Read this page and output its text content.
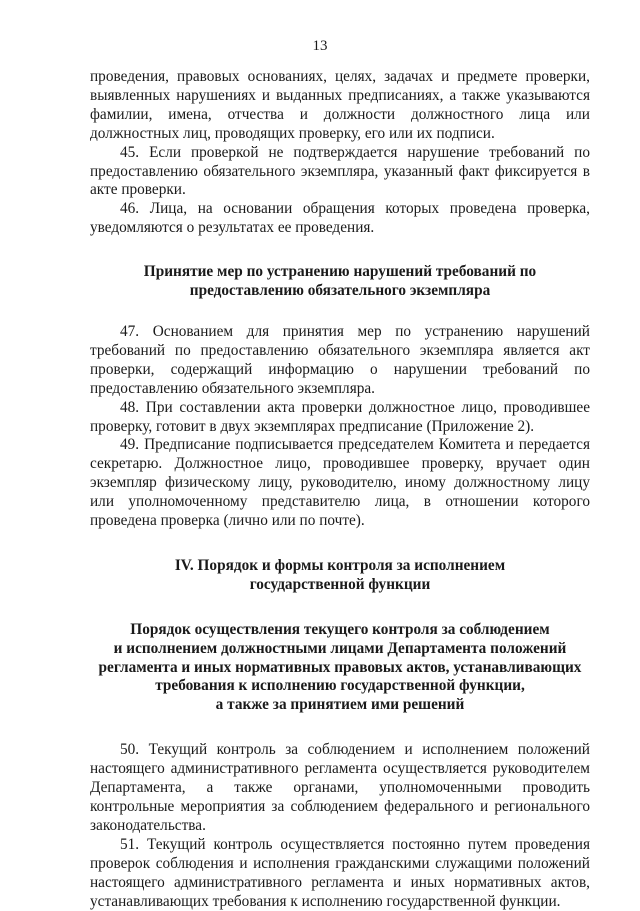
13

проведения, правовых основаниях, целях, задачах и предмете проверки, выявленных нарушениях и выданных предписаниях, а также указываются фамилии, имена, отчества и должности должностного лица или должностных лиц, проводящих проверку, его или их подписи.

45. Если проверкой не подтверждается нарушение требований по предоставлению обязательного экземпляра, указанный факт фиксируется в акте проверки.

46. Лица, на основании обращения которых проведена проверка, уведомляются о результатах ее проведения.

Принятие мер по устранению нарушений требований по
предоставлению обязательного экземпляра

47. Основанием для принятия мер по устранению нарушений требований по предоставлению обязательного экземпляра является акт проверки, содержащий информацию о нарушении требований по предоставлению обязательного экземпляра.

48. При составлении акта проверки должностное лицо, проводившее проверку, готовит в двух экземплярах предписание (Приложение 2).

49. Предписание подписывается председателем Комитета и передается секретарю. Должностное лицо, проводившее проверку, вручает один экземпляр физическому лицу, руководителю, иному должностному лицу или уполномоченному представителю лица, в отношении которого проведена проверка (лично или по почте).

IV. Порядок и формы контроля за исполнением
государственной функции
Порядок осуществления текущего контроля за соблюдением
и исполнением должностными лицами Департамента положений
регламента и иных нормативных правовых актов, устанавливающих
требования к исполнению государственной функции,
а также за принятием ими решений

50. Текущий контроль за соблюдением и исполнением положений настоящего административного регламента осуществляется руководителем Департамента, а также органами, уполномоченными проводить контрольные мероприятия за соблюдением федерального и регионального законодательства.

51. Текущий контроль осуществляется постоянно путем проведения проверок соблюдения и исполнения гражданскими служащими положений настоящего административного регламента и иных нормативных актов, устанавливающих требования к исполнению государственной функции.
